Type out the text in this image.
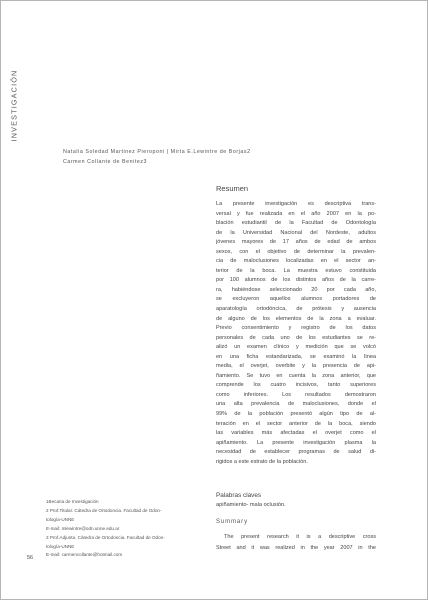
INVESTIGACIÓN
Natalia Soledad Martinez Pieroponi | Mirta E.Lewintre de Borjas2
Carmen Collante de Benitez3
Resumen
La presente investigación es descriptiva trans-
versal y fue realizada en el año 2007 en la po-
blación estudiantil de la Facultad de Odontología
de la Universidad Nacional del Nordeste, adultos
jóvenes mayores de 17 años de edad de ambos
sexos, con el objetivo de determinar la prevalen-
cia de maloclusiones localizadas en el sector an-
terior de la boca. La muestra estuvo constituida
por 100 alumnos de los distintos años de la carre-
ra, habiéndose seleccionado 20 por cada año,
se excluyeron aquellos alumnos portadores de
aparatología ortodóncica, de prótesis y ausencia
de alguno de los elementos de la zona a evaluar.
Previo consentimiento y registro de los datos
personales de cada uno de los estudiantes se re-
alizó un examen clínico y medición que se volcó
en una ficha estandarizada, se examinó la línea
media, el overjet, overbite y la presencia de api-
ñamiento. Se tuvo en cuenta la zona anterior, que
comprende los cuatro incisivos, tanto superiores
como inferiores. Los resultados demostraron
una alta prevalencia de maloclusiones, donde el
99% de la población presentó algún tipo de al-
teración en el sector anterior de la boca, siendo
las variables más afectadas el overjet como el
apiñamiento. La presente investigación plasma la
necesidad de establecer programas de salud di-
rigidos a este estrato de la población.
Palabras claves
apiñamiento- mala oclusión.
Summary
The present research it is a descriptive cross
Street and it was realized in the year 2007 in the
1Becaria de Investigación
2 Prof.Titular. Cátedra de Ortodoncia. Facultad de Odon-
tología-UNNE
E-mail: mlewintre@odn.unne.edu.ar
3 Prof.Adjunta. Cátedra de Ortodoncia. Facultad de Odon-
tología-UNNE
E-mail: carmencollante@hotmail.com
56
